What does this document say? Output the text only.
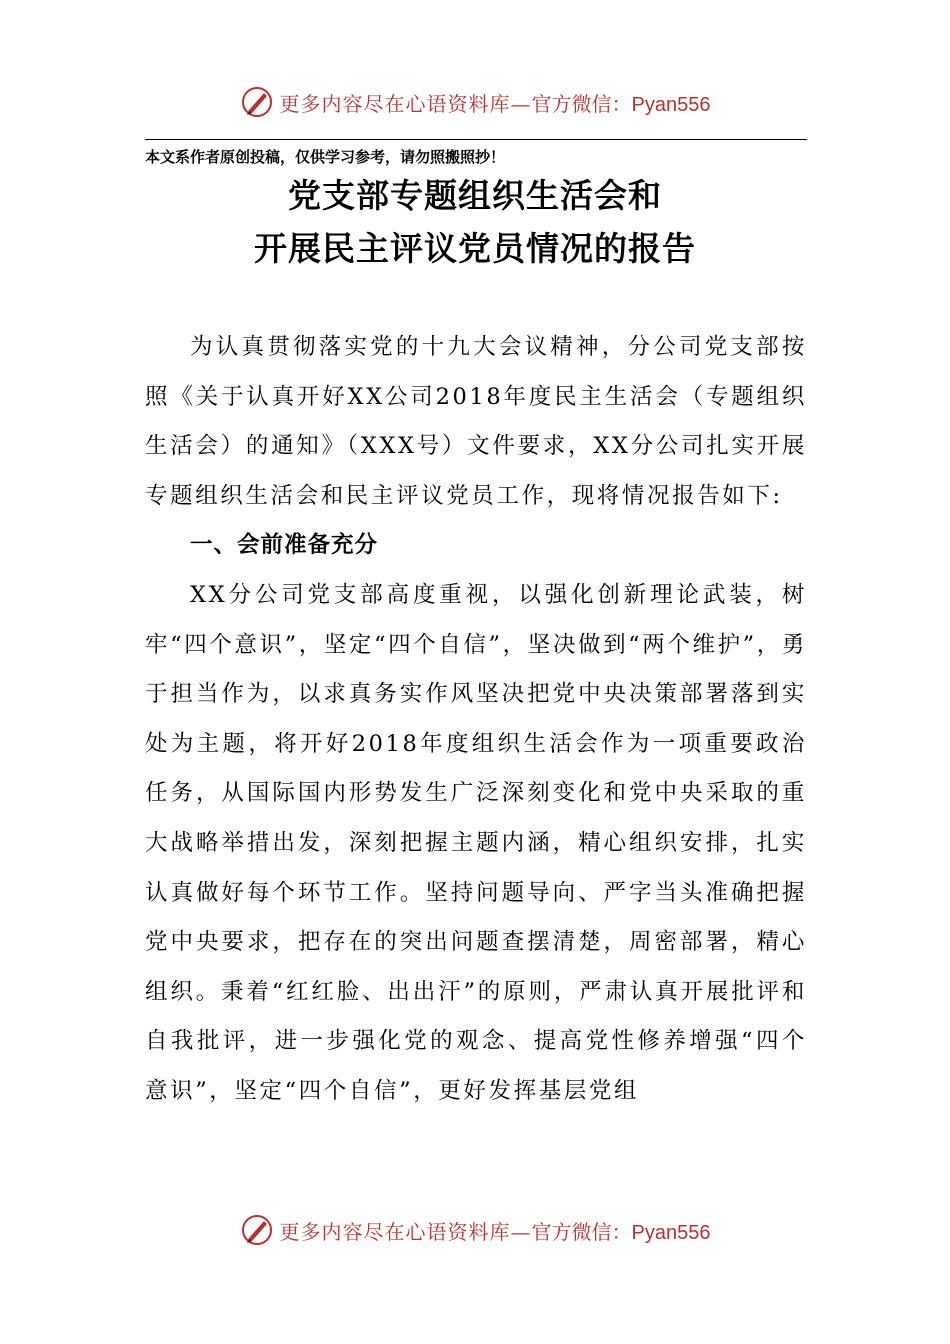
更多内容尽在心语资料库— 官方微信：Pyan556
本文系作者原创投稿，仅供学习参考，请勿照搬照抄！
党支部专题组织生活会和
开展民主评议党员情况的报告

为认真贯彻落实党的十九大会议精神，分公司党支部按照《关于认真开好XX公司2018年度民主生活会（专题组织生活会）的通知》（XXX号）文件要求，XX分公司扎实开展专题组织生活会和民主评议党员工作，现将情况报告如下:

一、会前准备充分

XX分公司党支部高度重视，以强化创新理论武装，树牢“四个意识”，坚定“四个自信”，坚决做到“两个维护”，勇于担当作为，以求真务实作风坚决把党中央决策部署落到实处为主题，将开好2018年度组织生活会作为一项重要政治任务，从国际国内形势发生广泛深刻变化和党中央采取的重大战略举措出发，深刻把握主题内涵，精心组织安排，扎实认真做好每个环节工作。坚持问题导向、严字当头准确把握党中央要求，把存在的突出问题查摆清楚，周密部署，精心组织。秉着“红红脸、出出汗”的原则，严肃认真开展批评和自我批评，进一步强化党的观念、提高党性修养增强“四个意识”，坚定“四个自信”，更好发挥基层党组

更多内容尽在心语资料库— 官方微信：Pyan556
